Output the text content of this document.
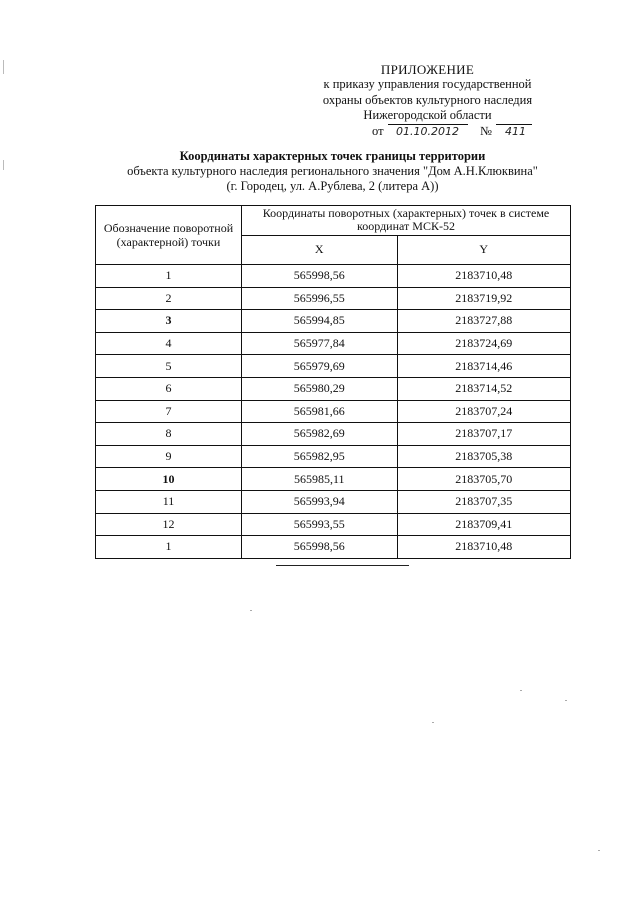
ПРИЛОЖЕНИЕ
к приказу управления государственной
охраны объектов культурного наследия
Нижегородской области
от 01.10.2012 № 411
Координаты характерных точек границы территории
объекта культурного наследия регионального значения "Дом А.Н.Клюквина"
(г. Городец, ул. А.Рублева, 2 (литера А))
Обозначение поворотной (характерной) точки	Координаты поворотных (характерных) точек в системе координат МСК-52	
	X	Y
1	565998,56	2183710,48
2	565996,55	2183719,92
3	565994,85	2183727,88
4	565977,84	2183724,69
5	565979,69	2183714,46
6	565980,29	2183714,52
7	565981,66	2183707,24
8	565982,69	2183707,17
9	565982,95	2183705,38
10	565985,11	2183705,70
11	565993,94	2183707,35
12	565993,55	2183709,41
1	565998,56	2183710,48
